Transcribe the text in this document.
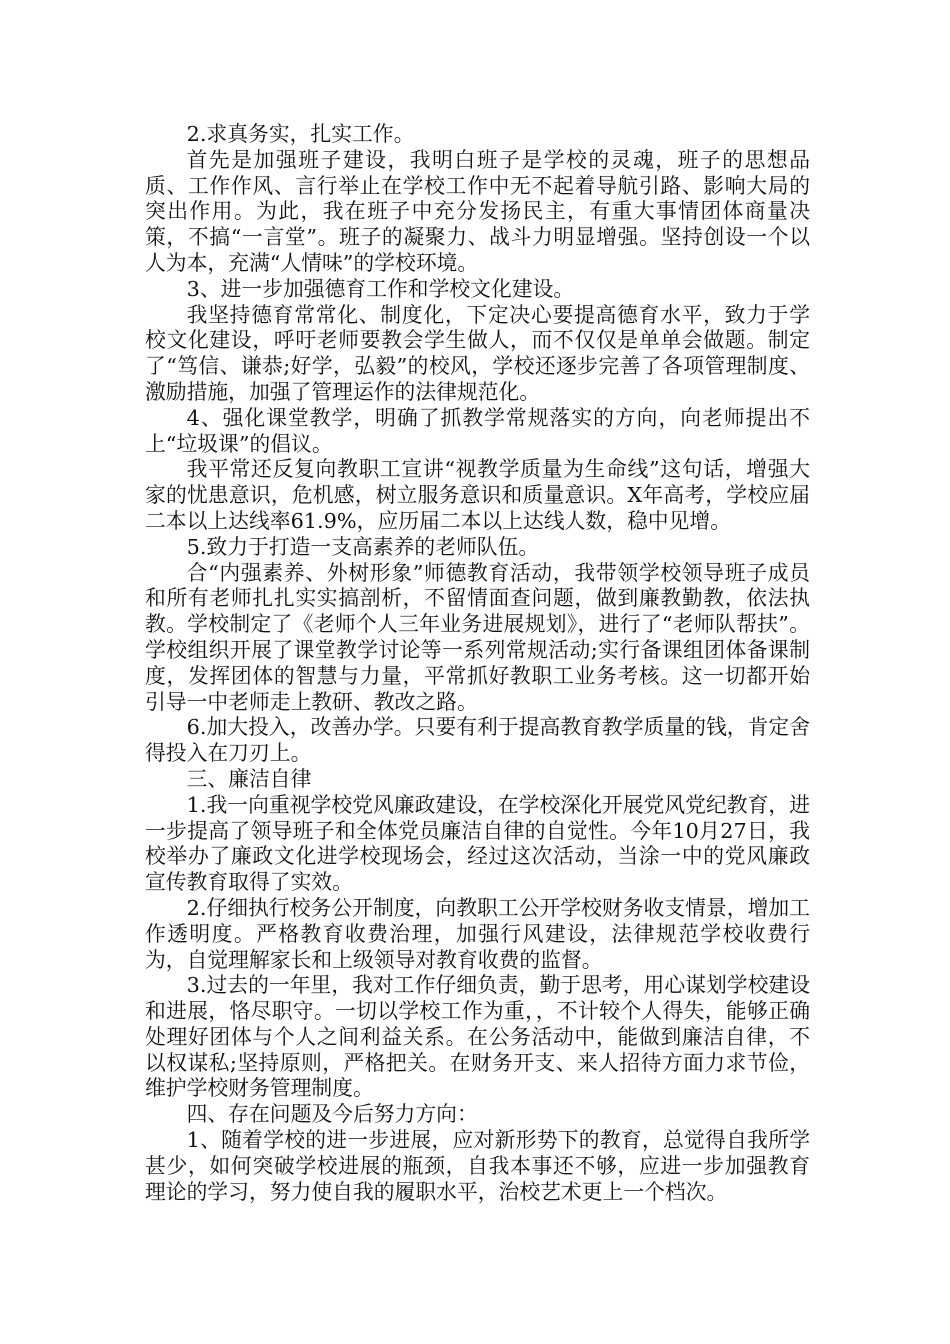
2.求真务实，扎实工作。

首先是加强班子建设，我明白班子是学校的灵魂，班子的思想品质、工作作风、言行举止在学校工作中无不起着导航引路、影响大局的突出作用。为此，我在班子中充分发扬民主，有重大事情团体商量决策，不搞“一言堂”。班子的凝聚力、战斗力明显增强。坚持创设一个以人为本，充满“人情味”的学校环境。

3、进一步加强德育工作和学校文化建设。

我坚持德育常常化、制度化，下定决心要提高德育水平，致力于学校文化建设，呼吁老师要教会学生做人，而不仅仅是单单会做题。制定了“笃信、谦恭;好学，弘毅”的校风，学校还逐步完善了各项管理制度、激励措施，加强了管理运作的法律规范化。

4、强化课堂教学，明确了抓教学常规落实的方向，向老师提出不上“垃圾课”的倡议。

我平常还反复向教职工宣讲“视教学质量为生命线”这句话，增强大家的忧患意识，危机感，树立服务意识和质量意识。X年高考，学校应届二本以上达线率61.9%，应历届二本以上达线人数，稳中见增。

5.致力于打造一支高素养的老师队伍。

合“内强素养、外树形象”师德教育活动，我带领学校领导班子成员和所有老师扎扎实实搞剖析，不留情面查问题，做到廉教勤教，依法执教。学校制定了《老师个人三年业务进展规划》，进行了“老师队帮扶”。学校组织开展了课堂教学讨论等一系列常规活动;实行备课组团体备课制度，发挥团体的智慧与力量，平常抓好教职工业务考核。这一切都开始引导一中老师走上教研、教改之路。

6.加大投入，改善办学。只要有利于提高教育教学质量的钱，肯定舍得投入在刀刃上。

三、廉洁自律

1.我一向重视学校党风廉政建设，在学校深化开展党风党纪教育，进一步提高了领导班子和全体党员廉洁自律的自觉性。今年10月27日，我校举办了廉政文化进学校现场会，经过这次活动，当涂一中的党风廉政宣传教育取得了实效。

2.仔细执行校务公开制度，向教职工公开学校财务收支情景，增加工作透明度。严格教育收费治理，加强行风建设，法律规范学校收费行为，自觉理解家长和上级领导对教育收费的监督。

3.过去的一年里，我对工作仔细负责，勤于思考，用心谋划学校建设和进展，恪尽职守。一切以学校工作为重，，不计较个人得失，能够正确处理好团体与个人之间利益关系。在公务活动中，能做到廉洁自律，不以权谋私;坚持原则，严格把关。在财务开支、来人招待方面力求节俭，维护学校财务管理制度。

四、存在问题及今后努力方向：

1、随着学校的进一步进展，应对新形势下的教育，总觉得自我所学甚少，如何突破学校进展的瓶颈，自我本事还不够，应进一步加强教育理论的学习，努力使自我的履职水平，治校艺术更上一个档次。
